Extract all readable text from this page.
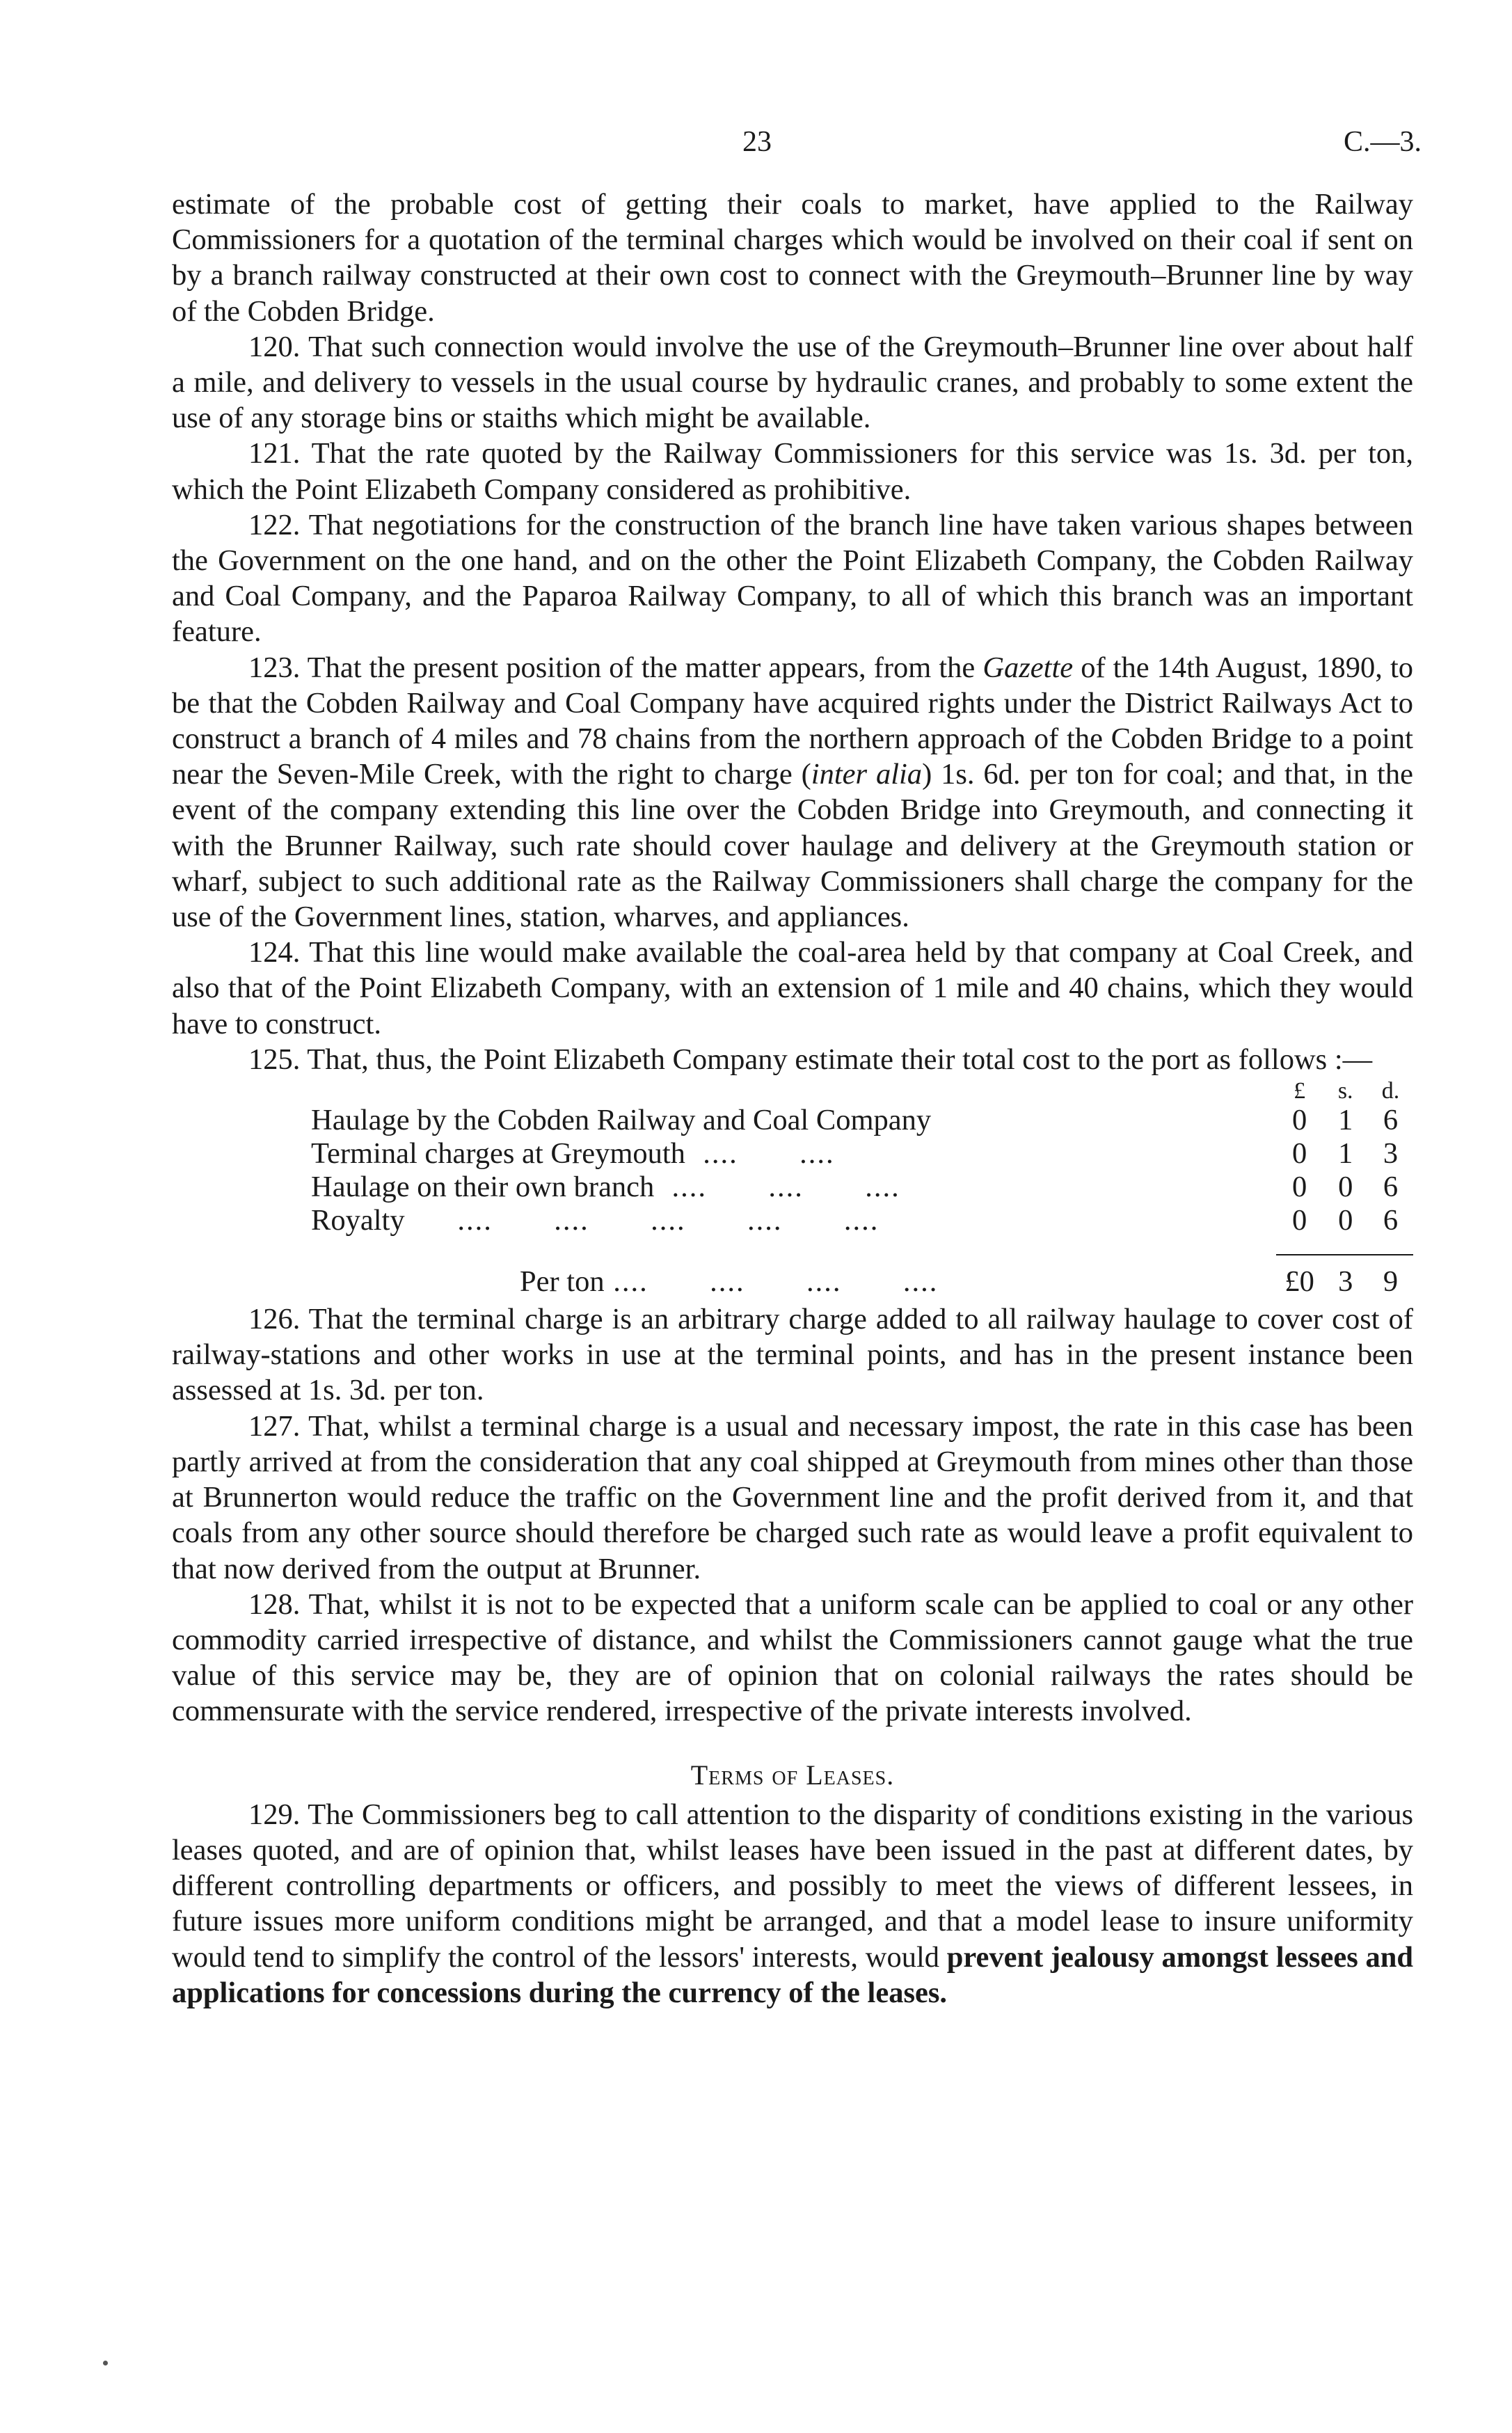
23	C.—3.

estimate of the probable cost of getting their coals to market, have applied to the Railway Commissioners for a quotation of the terminal charges which would be involved on their coal if sent on by a branch railway constructed at their own cost to connect with the Greymouth–Brunner line by way of the Cobden Bridge.

120. That such connection would involve the use of the Greymouth–Brunner line over about half a mile, and delivery to vessels in the usual course by hydraulic cranes, and probably to some extent the use of any storage bins or staiths which might be available.

121. That the rate quoted by the Railway Commissioners for this service was 1s. 3d. per ton, which the Point Elizabeth Company considered as prohibitive.

122. That negotiations for the construction of the branch line have taken various shapes between the Government on the one hand, and on the other the Point Elizabeth Company, the Cobden Railway and Coal Company, and the Paparoa Railway Company, to all of which this branch was an important feature.

123. That the present position of the matter appears, from the Gazette of the 14th August, 1890, to be that the Cobden Railway and Coal Company have acquired rights under the District Railways Act to construct a branch of 4 miles and 78 chains from the northern approach of the Cobden Bridge to a point near the Seven-Mile Creek, with the right to charge (inter alia) 1s. 6d. per ton for coal; and that, in the event of the company extending this line over the Cobden Bridge into Greymouth, and connecting it with the Brunner Railway, such rate should cover haulage and delivery at the Greymouth station or wharf, subject to such additional rate as the Railway Commissioners shall charge the company for the use of the Government lines, station, wharves, and appliances.

124. That this line would make available the coal-area held by that company at Coal Creek, and also that of the Point Elizabeth Company, with an extension of 1 mile and 40 chains, which they would have to construct.

125. That, thus, the Point Elizabeth Company estimate their total cost to the port as follows :—

	£	s.	d.
Haulage by the Cobden Railway and Coal Company	0	1	6
Terminal charges at Greymouth  ....       ....	0	1	3
Haulage on their own branch  ....       ....       ....	0	0	6
Royalty      ....       ....       ....       ....       ....	0	0	6

Per ton ....       ....       ....       ....	£0	3	9

126. That the terminal charge is an arbitrary charge added to all railway haulage to cover cost of railway-stations and other works in use at the terminal points, and has in the present instance been assessed at 1s. 3d. per ton.

127. That, whilst a terminal charge is a usual and necessary impost, the rate in this case has been partly arrived at from the consideration that any coal shipped at Greymouth from mines other than those at Brunnerton would reduce the traffic on the Government line and the profit derived from it, and that coals from any other source should therefore be charged such rate as would leave a profit equivalent to that now derived from the output at Brunner.

128. That, whilst it is not to be expected that a uniform scale can be applied to coal or any other commodity carried irrespective of distance, and whilst the Commissioners cannot gauge what the true value of this service may be, they are of opinion that on colonial railways the rates should be commensurate with the service rendered, irrespective of the private interests involved.

Terms of Leases.

129. The Commissioners beg to call attention to the disparity of conditions existing in the various leases quoted, and are of opinion that, whilst leases have been issued in the past at different dates, by different controlling departments or officers, and possibly to meet the views of different lessees, in future issues more uniform conditions might be arranged, and that a model lease to insure uniformity would tend to simplify the control of the lessors' interests, would prevent jealousy amongst lessees and applications for concessions during the currency of the leases.
